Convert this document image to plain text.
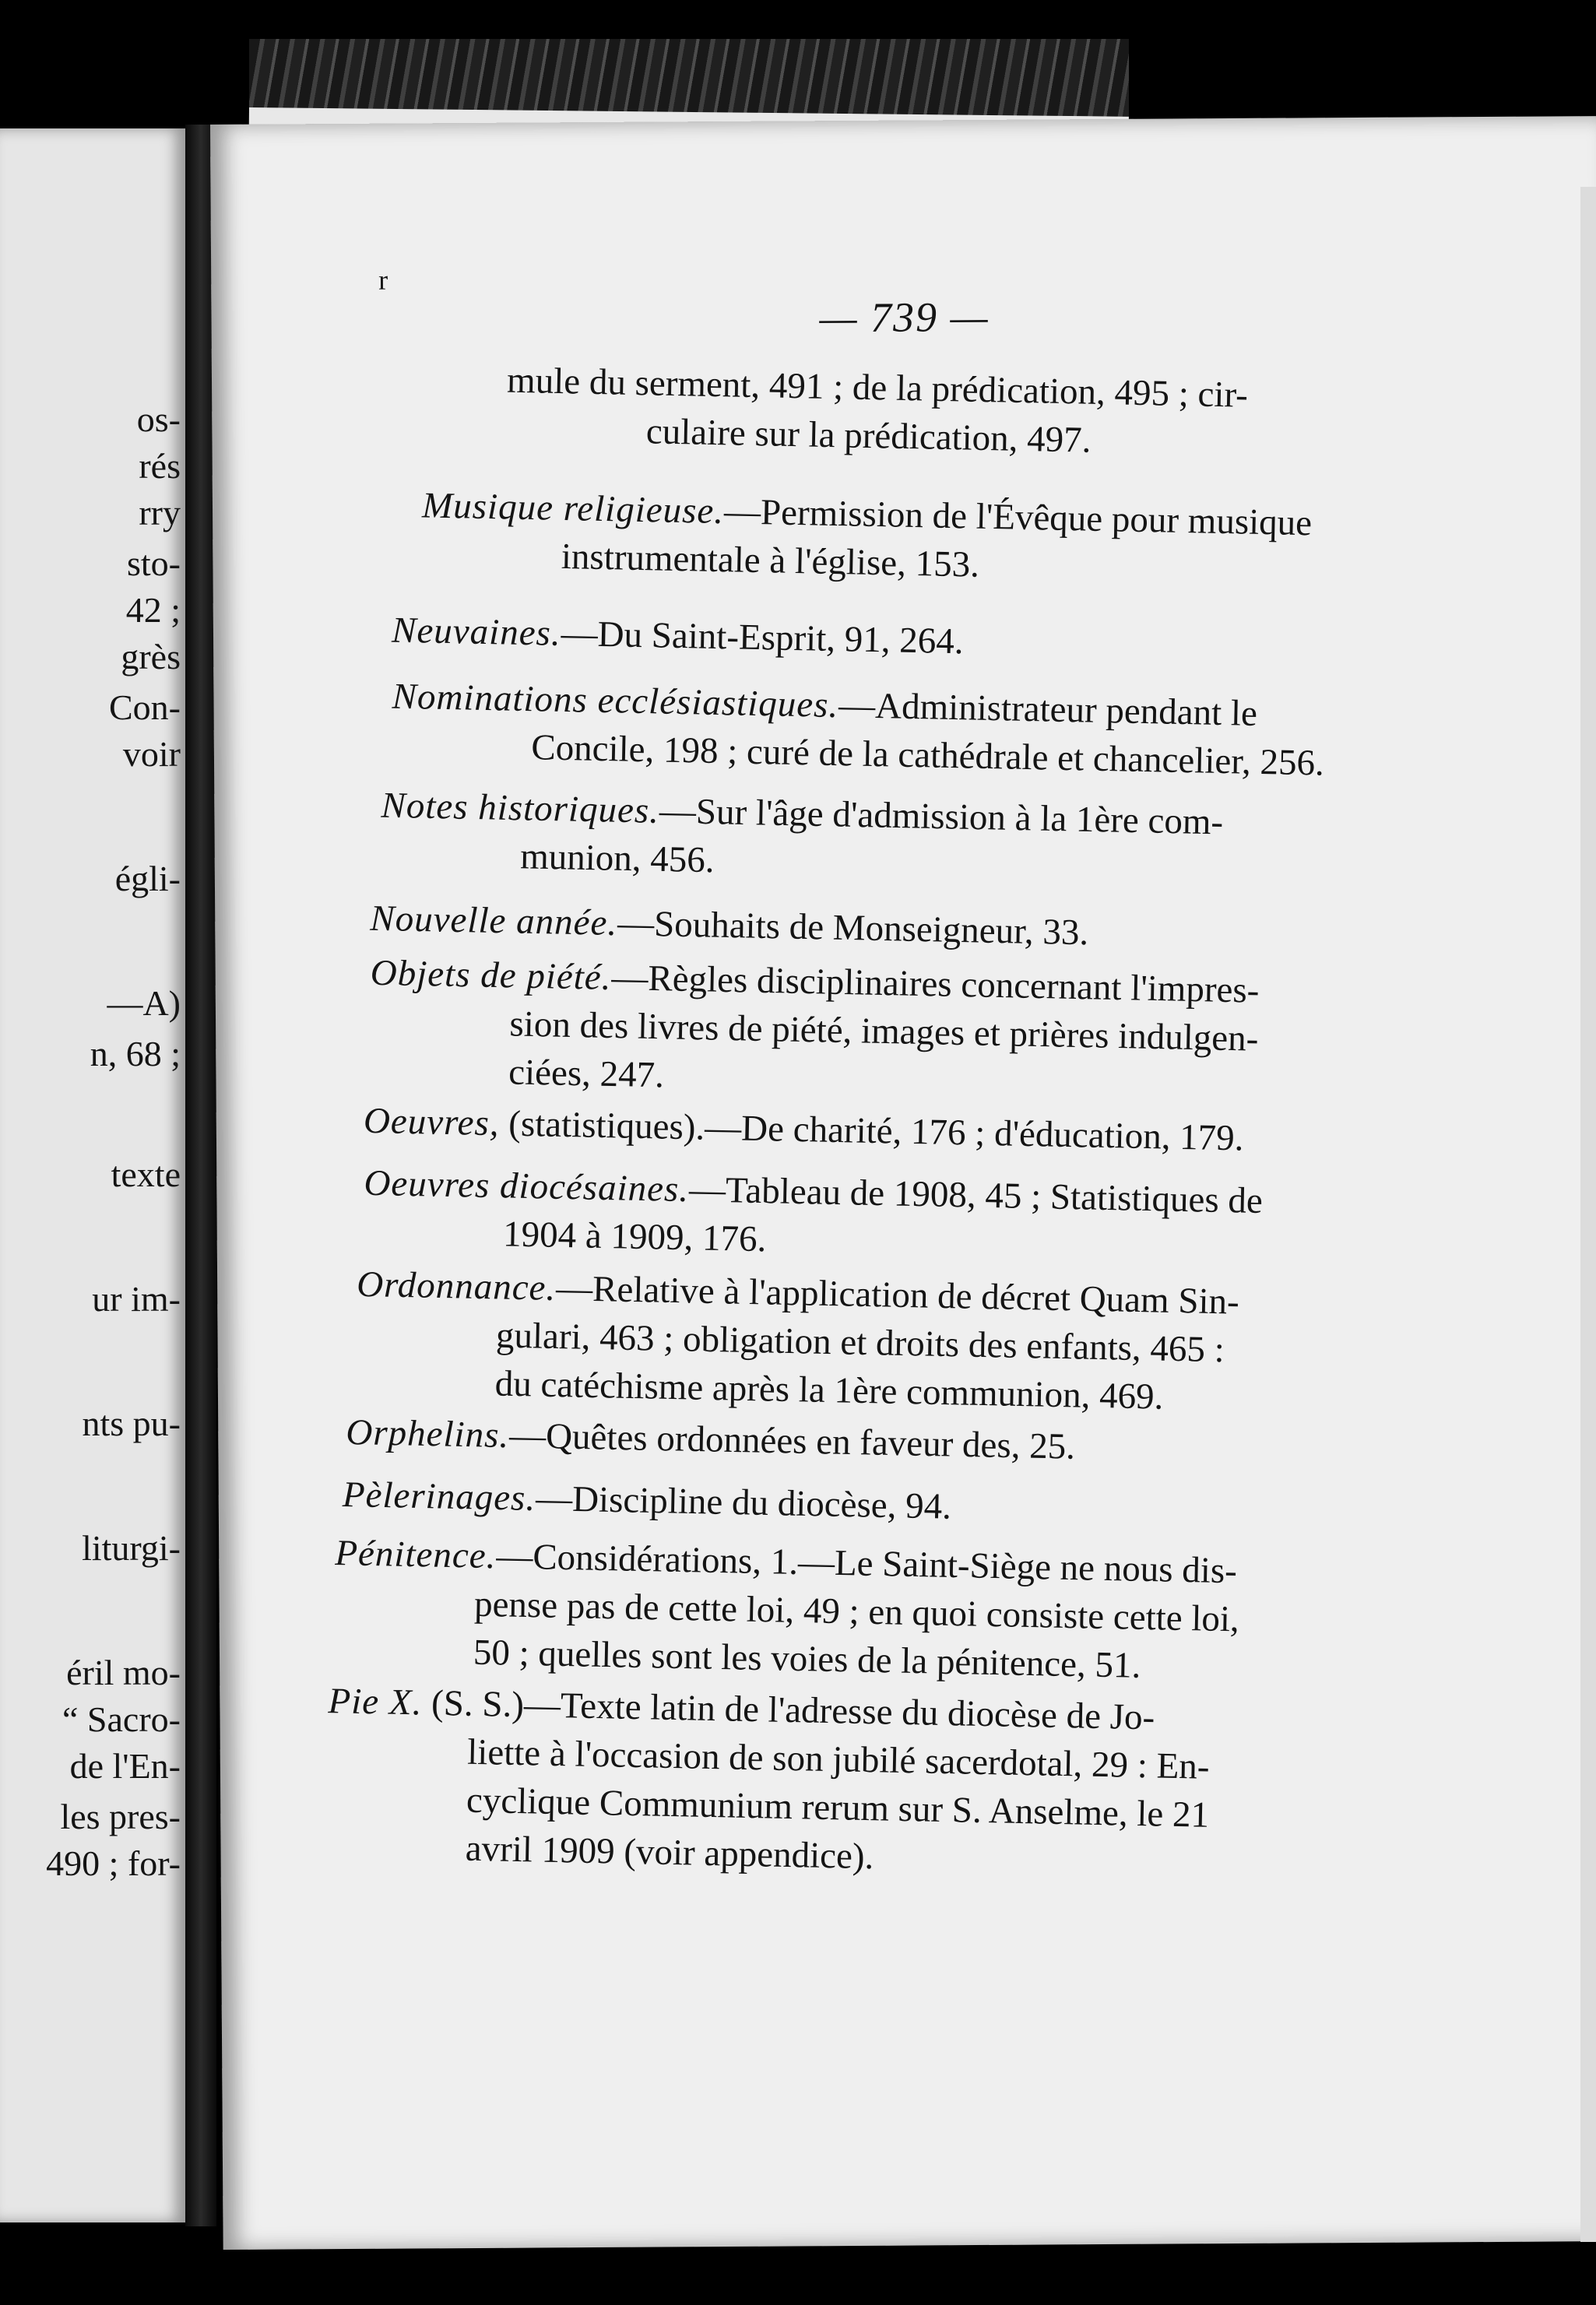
os-
rés
rry
sto-
42 ;
grès
Con-
voir
égli-
—A)
n, 68 ;
texte
ur im-
nts pu-
liturgi-
éril mo-
“ Sacro-
de l'En-
les pres-
490 ; for-
r
— 739 —
mule du serment, 491 ; de la prédication, 495 ; cir-
culaire sur la prédication, 497.
Musique religieuse.—Permission de l'Évêque pour musique
instrumentale à l'église, 153.
Neuvaines.—Du Saint-Esprit, 91, 264.
Nominations ecclésiastiques.—Administrateur pendant le
Concile, 198 ; curé de la cathédrale et chancelier, 256.
Notes historiques.—Sur l'âge d'admission à la 1ère com-
munion, 456.
Nouvelle année.—Souhaits de Monseigneur, 33.
Objets de piété.—Règles disciplinaires concernant l'impres-
sion des livres de piété, images et prières indulgen-
ciées, 247.
Oeuvres, (statistiques).—De charité, 176 ; d'éducation, 179.
Oeuvres diocésaines.—Tableau de 1908, 45 ; Statistiques de
1904 à 1909, 176.
Ordonnance.—Relative à l'application de décret Quam Sin-
gulari, 463 ; obligation et droits des enfants, 465 :
du catéchisme après la 1ère communion, 469.
Orphelins.—Quêtes ordonnées en faveur des, 25.
Pèlerinages.—Discipline du diocèse, 94.
Pénitence.—Considérations, 1.—Le Saint-Siège ne nous dis-
pense pas de cette loi, 49 ; en quoi consiste cette loi,
50 ; quelles sont les voies de la pénitence, 51.
Pie X. (S. S.)—Texte latin de l'adresse du diocèse de Jo-
liette à l'occasion de son jubilé sacerdotal, 29 : En-
cyclique Communium rerum sur S. Anselme, le 21
avril 1909 (voir appendice).
